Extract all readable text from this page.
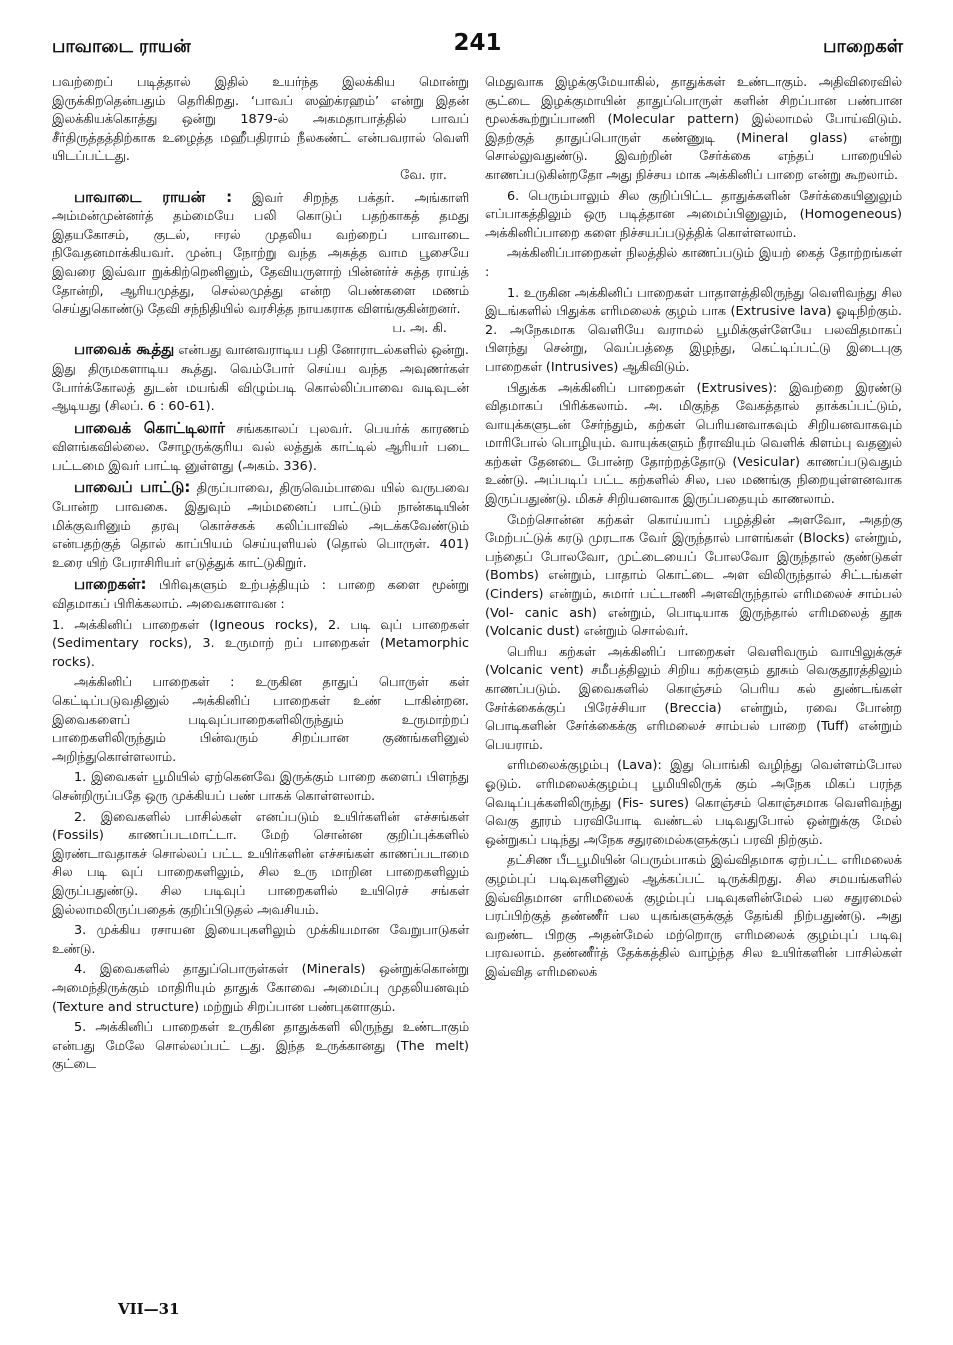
பாவாடை ராயன்	241	பாறைகள்

பவற்றைப் படித்தால் இதில் உயர்ந்த இலக்கிய மொன்று இருக்கிறதென்பதும் தெரிகிறது. ‘பாவப் ஸஹ்க்ரஹம்’ என்று இதன் இலக்கியக்கொத்து ஒன்று 1879-ல் அகமதாபாத்தில் பாவப் சீர்திருத்தத்திற்காக உழைத்த மஹீபதிராம் நீலகண்ட் என்பவரால் வெளி யிடப்பட்டது.
வே. ரா.

பாவாடை ராயன் : இவர் சிறந்த பக்தர். அங்காளி அம்மன்முன்னர்த் தம்மையே பலி கொடுப் பதற்காகத் தமது இதயகோசம், குடல், ஈரல் முதலிய வற்றைப் பாவாடை நிவேதனமாக்கியவர். முன்பு நோற்று வந்த அசுத்த வாம பூசையே இவரை இவ்வா றுக்கிற்றெனினும், தேவியருளாற் பின்னர்ச் சுத்த ராய்த் தோன்றி, ஆரியமுத்து, செல்லமுத்து என்ற பெண்களை மணம் செய்துகொண்டு தேவி சந்நிதியில் வரசித்த நாயகராக விளங்குகின்றனர்.
ப. அ. கி.

பாவைக் கூத்து என்பது வானவராடிய பதி னோராடல்களில் ஒன்று. இது திருமகளாடிய கூத்து. வெம்போர் செய்ய வந்த அவுணர்கள் போர்க்கோலத் துடன் மயங்கி விழும்படி கொல்லிப்பாவை வடிவுடன் ஆடியது (சிலப். 6 : 60-61).

பாவைக் கொட்டிலார் சங்ககாலப் புலவர். பெயர்க் காரணம் விளங்கவில்லை. சோழருக்குரிய வல் லத்துக் காட்டில் ஆரியர் படை பட்டமை இவர் பாட்டி னுள்ளது (அகம். 336).

பாவைப் பாட்டு: திருப்பாவை, திருவெம்பாவை யில் வருபவை போன்ற பாவகை. இதுவும் அம்மனைப் பாட்டும் நான்கடியின் மிக்குவரினும் தரவு கொச்சகக் கலிப்பாவில் அடக்கவேண்டும் என்பதற்குத் தொல் காப்பியம் செய்யுளியல் (தொல் பொருள். 401) உரை யிற் பேராசிரியர் எடுத்துக் காட்டுகிறுர்.

பாறைகள்: பிரிவுகளும் உற்பத்தியும் : பாறை களை மூன்று விதமாகப் பிரிக்கலாம். அவைகளாவன :

1. அக்கினிப் பாறைகள் (Igneous rocks), 2. படி வுப் பாறைகள் (Sedimentary rocks), 3. உருமாற் றப் பாறைகள் (Metamorphic rocks).

அக்கினிப் பாறைகள் : உருகின தாதுப் பொருள் கள் கெட்டிப்படுவதினுல் அக்கினிப் பாறைகள் உண் டாகின்றன. இவைகளைப் படிவுப்பாறைகளிலிருந்தும் உருமாற்றப் பாறைகளிலிருந்தும் பின்வரும் சிறப்பான குணங்களினுல் அறிந்துகொள்ளலாம்.

1. இவைகள் பூமியில் ஏற்கெனவே இருக்கும் பாறை களைப் பிளந்து சென்றிருப்பதே ஒரு முக்கியப் பண் பாகக் கொள்ளலாம்.

2. இவைகளில் பாசில்கள் எனப்படும் உயிர்களின் எச்சங்கள் (Fossils) காணப்படமாட்டா. மேற் சொன்ன குறிப்புக்களில் இரண்டாவதாகச் சொல்லப் பட்ட உயிர்களின் எச்சங்கள் காணப்படாமை சில படி வுப் பாறைகளிலும், சில உரு மாறின பாறைகளிலும் இருப்பதுண்டு. சில படிவுப் பாறைகளில் உயிரெச் சங்கள் இல்லாமலிருப்பதைக் குறிப்பிடுதல் அவசியம்.

3. முக்கிய ரசாயன இயைபுகளிலும் முக்கியமான வேறுபாடுகள் உண்டு.

4. இவைகளில் தாதுப்பொருள்கள் (Minerals) ஒன்றுக்கொன்று அமைந்திருக்கும் மாதிரியும் தாதுக் கோவை அமைப்பு முதலியனவும் (Texture and structure) மற்றும் சிறப்பான பண்புகளாகும்.

5. அக்கினிப் பாறைகள் உருகின தாதுக்களி லிருந்து உண்டாகும் என்பது மேலே சொல்லப்பட் டது. இந்த உருக்கானது (The melt) குட்டை

மெதுவாக இழக்குமேயாகில், தாதுக்கள் உண்டாகும். அதிவிரைவில் சூட்டை இழக்குமாயின் தாதுப்பொருள் களின் சிறப்பான பண்பான மூலக்கூற்றுப்பாணி (Molecular pattern) இல்லாமல் போய்விடும். இதற்குத் தாதுப்பொருள் கண்ணுடி (Mineral glass) என்று சொல்லுவதுண்டு. இவற்றின் சேர்க்கை எந்தப் பாறையில் காணப்படுகின்றதோ அது நிச்சய மாக அக்கினிப் பாறை என்று கூறலாம்.

6. பெரும்பாலும் சில குறிப்பிட்ட தாதுக்களின் சேர்க்கையினுலும் எப்பாகத்திலும் ஒரு படித்தான அமைப்பினுலும், (Homogeneous) அக்கினிப்பாறை களை நிச்சயப்படுத்திக் கொள்ளலாம்.

அக்கினிப்பாறைகள் நிலத்தில் காணப்படும் இயற் கைத் தோற்றங்கள் :

1. உருகின அக்கினிப் பாறைகள் பாதாளத்திலிருந்து வெளிவந்து சில இடங்களில் பிதுக்க எரிமலைக் குழம் பாக (Extrusive lava) ஓடிநிற்கும். 2. அநேகமாக வெளியே வராமல் பூமிக்குள்ளேயே பலவிதமாகப் பிளந்து சென்று, வெப்பத்தை இழந்து, கெட்டிப்பட்டு இடைபுகு பாறைகள் (Intrusives) ஆகிவிடும்.

பிதுக்க அக்கினிப் பாறைகள் (Extrusives): இவற்றை இரண்டு விதமாகப் பிரிக்கலாம். அ. மிகுந்த வேகத்தால் தாக்கப்பட்டும், வாயுக்களுடன் சேர்ந்தும், கற்கள் பெரியனவாகவும் சிறியனவாகவும் மாரிபோல் பொழியும். வாயுக்களும் நீராவியும் வெளிக் கிளம்பு வதனுல் கற்கள் தேனடை போன்ற தோற்றத்தோடு (Vesicular) காணப்படுவதும் உண்டு. அப்படிப் பட்ட கற்களில் சில, பல மணங்கு நிறையுள்ளனவாக இருப்பதுண்டு. மிகச் சிறியனவாக இருப்பதையும் காணலாம்.

மேற்சொன்ன கற்கள் கொய்யாப் பழத்தின் அளவோ, அதற்கு மேற்பட்டுக் கரடு முரடாக வேர் இருந்தால் பாளங்கள் (Blocks) என்றும், பந்தைப் போலவோ, முட்டையைப் போலவோ இருந்தால் குண்டுகள் (Bombs) என்றும், பாதாம் கொட்டை அள விலிருந்தால் சிட்டங்கள் (Cinders) என்றும், சுமார் பட்டாணி அளவிருந்தால் எரிமலைச் சாம்பல் (Vol- canic ash) என்றும், பொடியாக இருந்தால் எரிமலைத் தூசு (Volcanic dust) என்றும் சொல்வர்.

பெரிய கற்கள் அக்கினிப் பாறைகள் வெளிவரும் வாயிலுக்குச் (Volcanic vent) சமீபத்திலும் சிறிய கற்களும் தூசும் வெகுதூரத்திலும் காணப்படும். இவைகளில் கொஞ்சம் பெரிய கல் துண்டங்கள் சேர்க்கைக்குப் பிரேச்சியா (Breccia) என்றும், ரவை போன்ற பொடிகளின் சேர்க்கைக்கு எரிமலைச் சாம்பல் பாறை (Tuff) என்றும் பெயராம்.

எரிமலைக்குழம்பு (Lava): இது பொங்கி வழிந்து வெள்ளம்போல ஓடும். எரிமலைக்குழம்பு பூமியிலிருக் கும் அநேக மிகப் பரந்த வெடிப்புக்களிலிருந்து (Fis- sures) கொஞ்சம் கொஞ்சமாக வெளிவந்து வெகு தூரம் பரவியோடி வண்டல் படிவதுபோல் ஒன்றுக்கு மேல் ஒன்றுகப் படிந்து அநேக சதுரமைல்களுக்குப் பரவி நிற்கும்.

தட்சிண பீடபூமியின் பெரும்பாகம் இவ்விதமாக ஏற்பட்ட எரிமலைக் குழம்புப் படிவுகளினுல் ஆக்கப்பட் டிருக்கிறது. சில சமயங்களில் இவ்விதமான எரிமலைக் குழம்புப் படிவுகளின்மேல் பல சதுரமைல் பரப்பிற்குத் தண்ணீர் பல யுகங்களுக்குத் தேங்கி நிற்பதுண்டு. அது வறண்ட பிறகு அதன்மேல் மற்றொரு எரிமலைக் குழம்புப் படிவு பரவலாம். தண்ணீர்த் தேக்கத்தில் வாழ்ந்த சில உயிர்களின் பாசில்கள் இவ்வித எரிமலைக்

VII—31
